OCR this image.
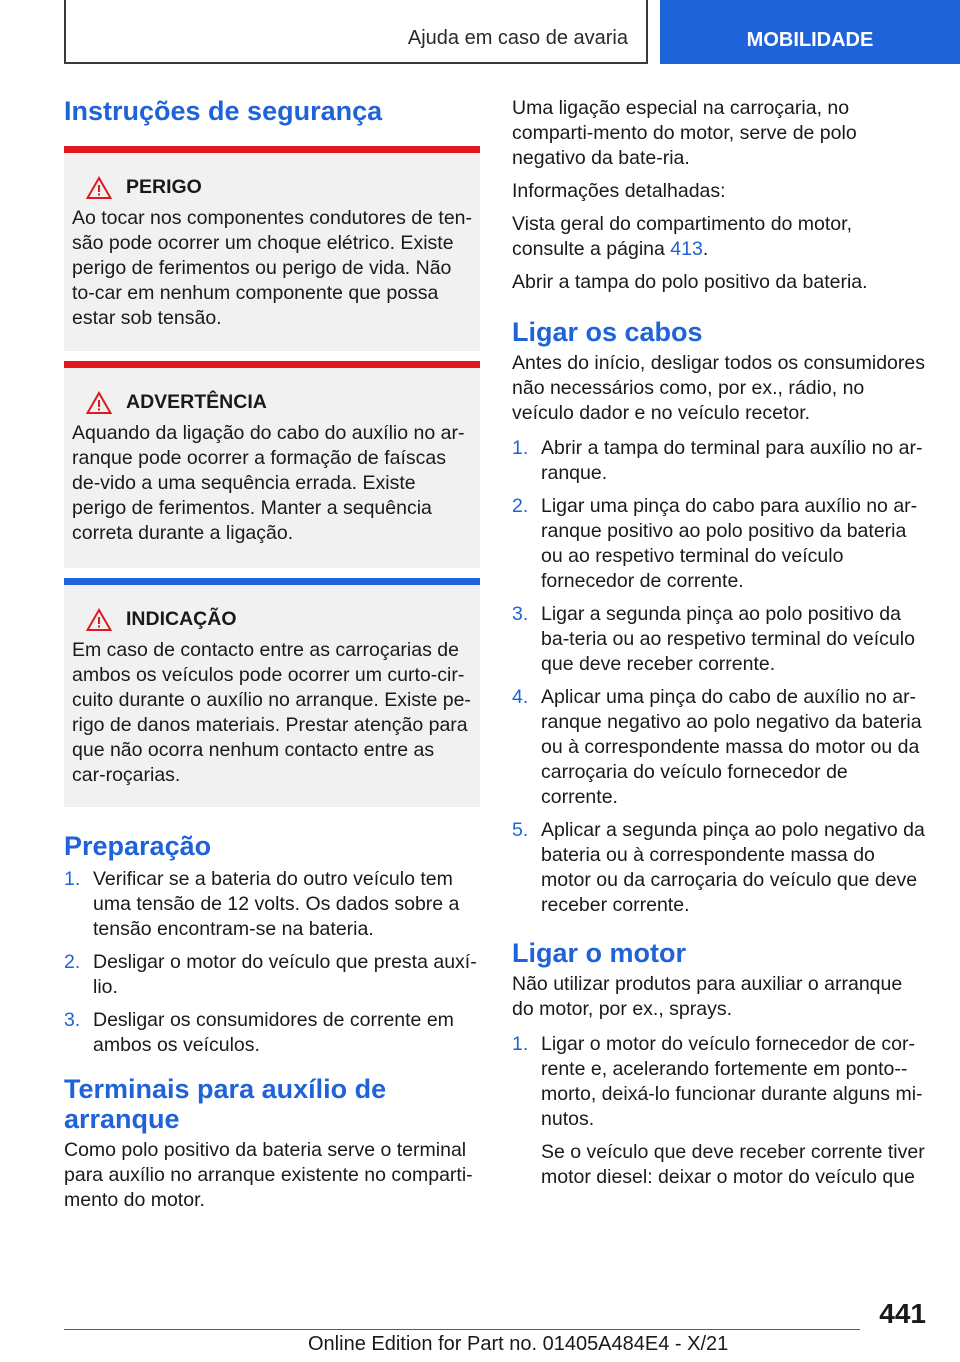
Ajuda em caso de avaria	MOBILIDADE
Instruções de segurança
PERIGO

Ao tocar nos componentes condutores de ten-são pode ocorrer um choque elétrico. Existe perigo de ferimentos ou perigo de vida. Não to-car em nenhum componente que possa estar sob tensão.

ADVERTÊNCIA

Aquando da ligação do cabo do auxílio no ar-ranque pode ocorrer a formação de faíscas de-vido a uma sequência errada. Existe perigo de ferimentos. Manter a sequência correta durante a ligação.

INDICAÇÃO

Em caso de contacto entre as carroçarias de ambos os veículos pode ocorrer um curto-cir-cuito durante o auxílio no arranque. Existe pe-rigo de danos materiais. Prestar atenção para que não ocorra nenhum contacto entre as car-roçarias.

Preparação
1. Verificar se a bateria do outro veículo tem uma tensão de 12 volts. Os dados sobre a tensão encontram-se na bateria.
2. Desligar o motor do veículo que presta auxí-lio.
3. Desligar os consumidores de corrente em ambos os veículos.
Terminais para auxílio de arranque

Como polo positivo da bateria serve o terminal para auxílio no arranque existente no comparti-mento do motor.

Uma ligação especial na carroçaria, no comparti-mento do motor, serve de polo negativo da bate-ria.

Informações detalhadas:

Vista geral do compartimento do motor, consulte a página 413.

Abrir a tampa do polo positivo da bateria.

Ligar os cabos

Antes do início, desligar todos os consumidores não necessários como, por ex., rádio, no veículo dador e no veículo recetor.

1. Abrir a tampa do terminal para auxílio no ar-ranque.
2. Ligar uma pinça do cabo para auxílio no ar-ranque positivo ao polo positivo da bateria ou ao respetivo terminal do veículo fornecedor de corrente.
3. Ligar a segunda pinça ao polo positivo da ba-teria ou ao respetivo terminal do veículo que deve receber corrente.
4. Aplicar uma pinça do cabo de auxílio no ar-ranque negativo ao polo negativo da bateria ou à correspondente massa do motor ou da carroçaria do veículo fornecedor de corrente.
5. Aplicar a segunda pinça ao polo negativo da bateria ou à correspondente massa do motor ou da carroçaria do veículo que deve receber corrente.
Ligar o motor

Não utilizar produtos para auxiliar o arranque do motor, por ex., sprays.

1. Ligar o motor do veículo fornecedor de cor-rente e, acelerando fortemente em ponto--morto, deixá-lo funcionar durante alguns mi-nutos.

Se o veículo que deve receber corrente tiver motor diesel: deixar o motor do veículo que

441
Online Edition for Part no. 01405A484E4 - X/21
